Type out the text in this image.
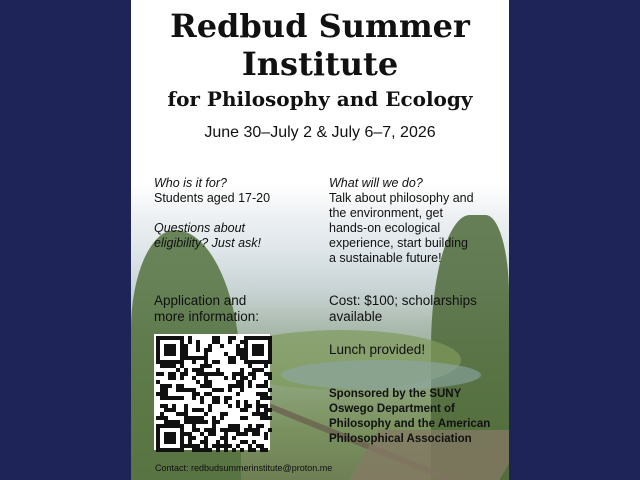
Redbud Summer
Institute
for Philosophy and Ecology
June 30–July 2 & July 6–7, 2026
Who is it for?
Students aged 17-20
Questions about
eligibility? Just ask!
What will we do?
Talk about philosophy and
the environment, get
hands-on ecological
experience, start building
a sustainable future!
Application and
more information:
Cost: $100; scholarships
available
Lunch provided!
Sponsored by the SUNY
Oswego Department of
Philosophy and the American
Philosophical Association
Contact: redbudsummerinstitute@proton.me
